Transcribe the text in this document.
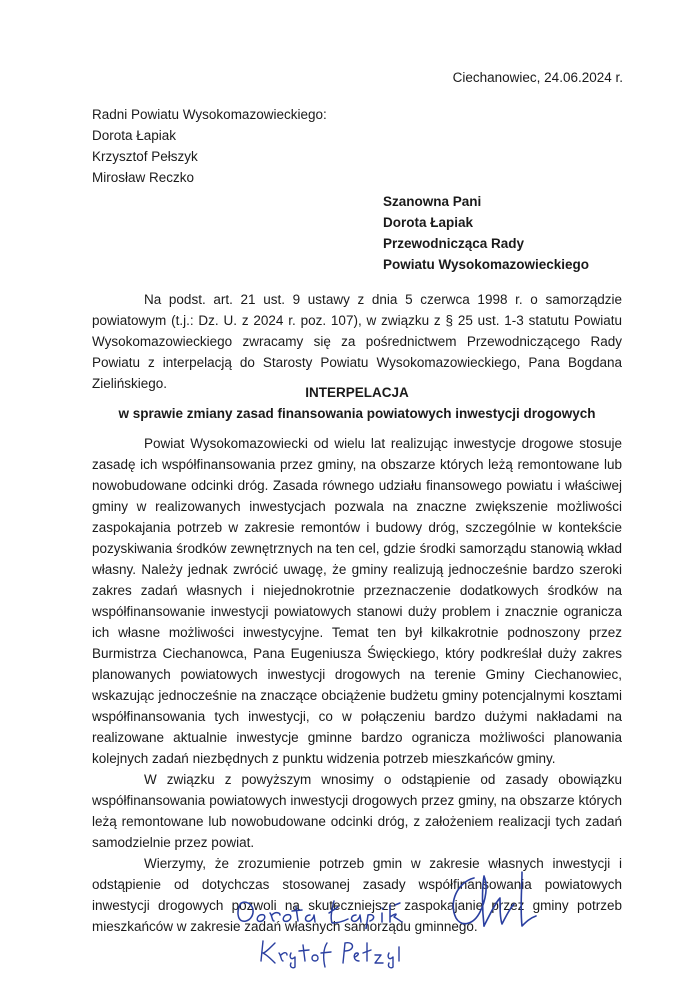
Ciechanowiec, 24.06.2024 r.
Radni Powiatu Wysokomazowieckiego:
Dorota Łapiak
Krzysztof Pełszyk
Mirosław Reczko
Szanowna Pani
Dorota Łapiak
Przewodnicząca Rady
Powiatu Wysokomazowieckiego
Na podst. art. 21 ust. 9 ustawy z dnia 5 czerwca 1998 r. o samorządzie powiatowym (t.j.: Dz. U. z 2024 r. poz. 107), w związku z § 25 ust. 1-3 statutu Powiatu Wysokomazowieckiego zwracamy się za pośrednictwem Przewodniczącego Rady Powiatu z interpelacją do Starosty Powiatu Wysokomazowieckiego, Pana Bogdana Zielińskiego.
INTERPELACJA
w sprawie zmiany zasad finansowania powiatowych inwestycji drogowych

Powiat Wysokomazowiecki od wielu lat realizując inwestycje drogowe stosuje zasadę ich współfinansowania przez gminy, na obszarze których leżą remontowane lub nowobudowane odcinki dróg. Zasada równego udziału finansowego powiatu i właściwej gminy w realizowanych inwestycjach pozwala na znaczne zwiększenie możliwości zaspokajania potrzeb w zakresie remontów i budowy dróg, szczególnie w kontekście pozyskiwania środków zewnętrznych na ten cel, gdzie środki samorządu stanowią wkład własny. Należy jednak zwrócić uwagę, że gminy realizują jednocześnie bardzo szeroki zakres zadań własnych i niejednokrotnie przeznaczenie dodatkowych środków na współfinansowanie inwestycji powiatowych stanowi duży problem i znacznie ogranicza ich własne możliwości inwestycyjne. Temat ten był kilkakrotnie podnoszony przez Burmistrza Ciechanowca, Pana Eugeniusza Święckiego, który podkreślał duży zakres planowanych powiatowych inwestycji drogowych na terenie Gminy Ciechanowiec, wskazując jednocześnie na znaczące obciążenie budżetu gminy potencjalnymi kosztami współfinansowania tych inwestycji, co w połączeniu bardzo dużymi nakładami na realizowane aktualnie inwestycje gminne bardzo ogranicza możliwości planowania kolejnych zadań niezbędnych z punktu widzenia potrzeb mieszkańców gminy.

W związku z powyższym wnosimy o odstąpienie od zasady obowiązku współfinansowania powiatowych inwestycji drogowych przez gminy, na obszarze których leżą remontowane lub nowobudowane odcinki dróg, z założeniem realizacji tych zadań samodzielnie przez powiat.

Wierzymy, że zrozumienie potrzeb gmin w zakresie własnych inwestycji i odstąpienie od dotychczas stosowanej zasady współfinansowania powiatowych inwestycji drogowych pozwoli na skuteczniejsze zaspokajanie przez gminy potrzeb mieszkańców w zakresie zadań własnych samorządu gminnego.
